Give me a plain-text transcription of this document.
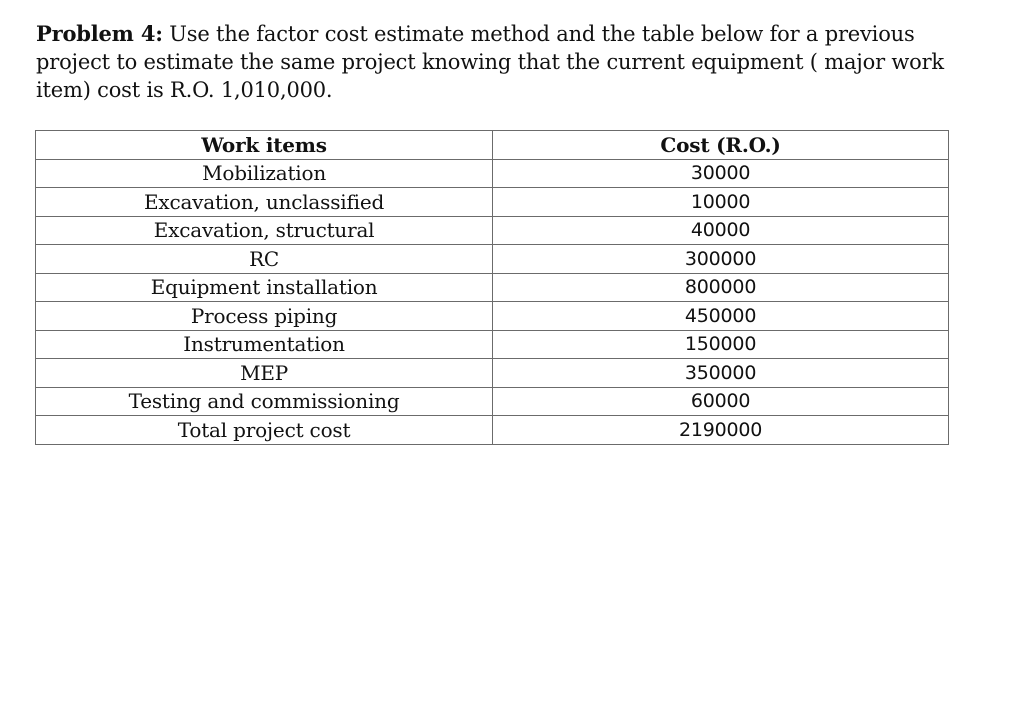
Problem 4: Use the factor cost estimate method and the table below for a previous project to estimate the same project knowing that the current equipment ( major work item) cost is R.O. 1,010,000.
Work items	Cost (R.O.)
Mobilization	30000
Excavation, unclassified	10000
Excavation, structural	40000
RC	300000
Equipment installation	800000
Process piping	450000
Instrumentation	150000
MEP	350000
Testing and commissioning	60000
Total project cost	2190000
